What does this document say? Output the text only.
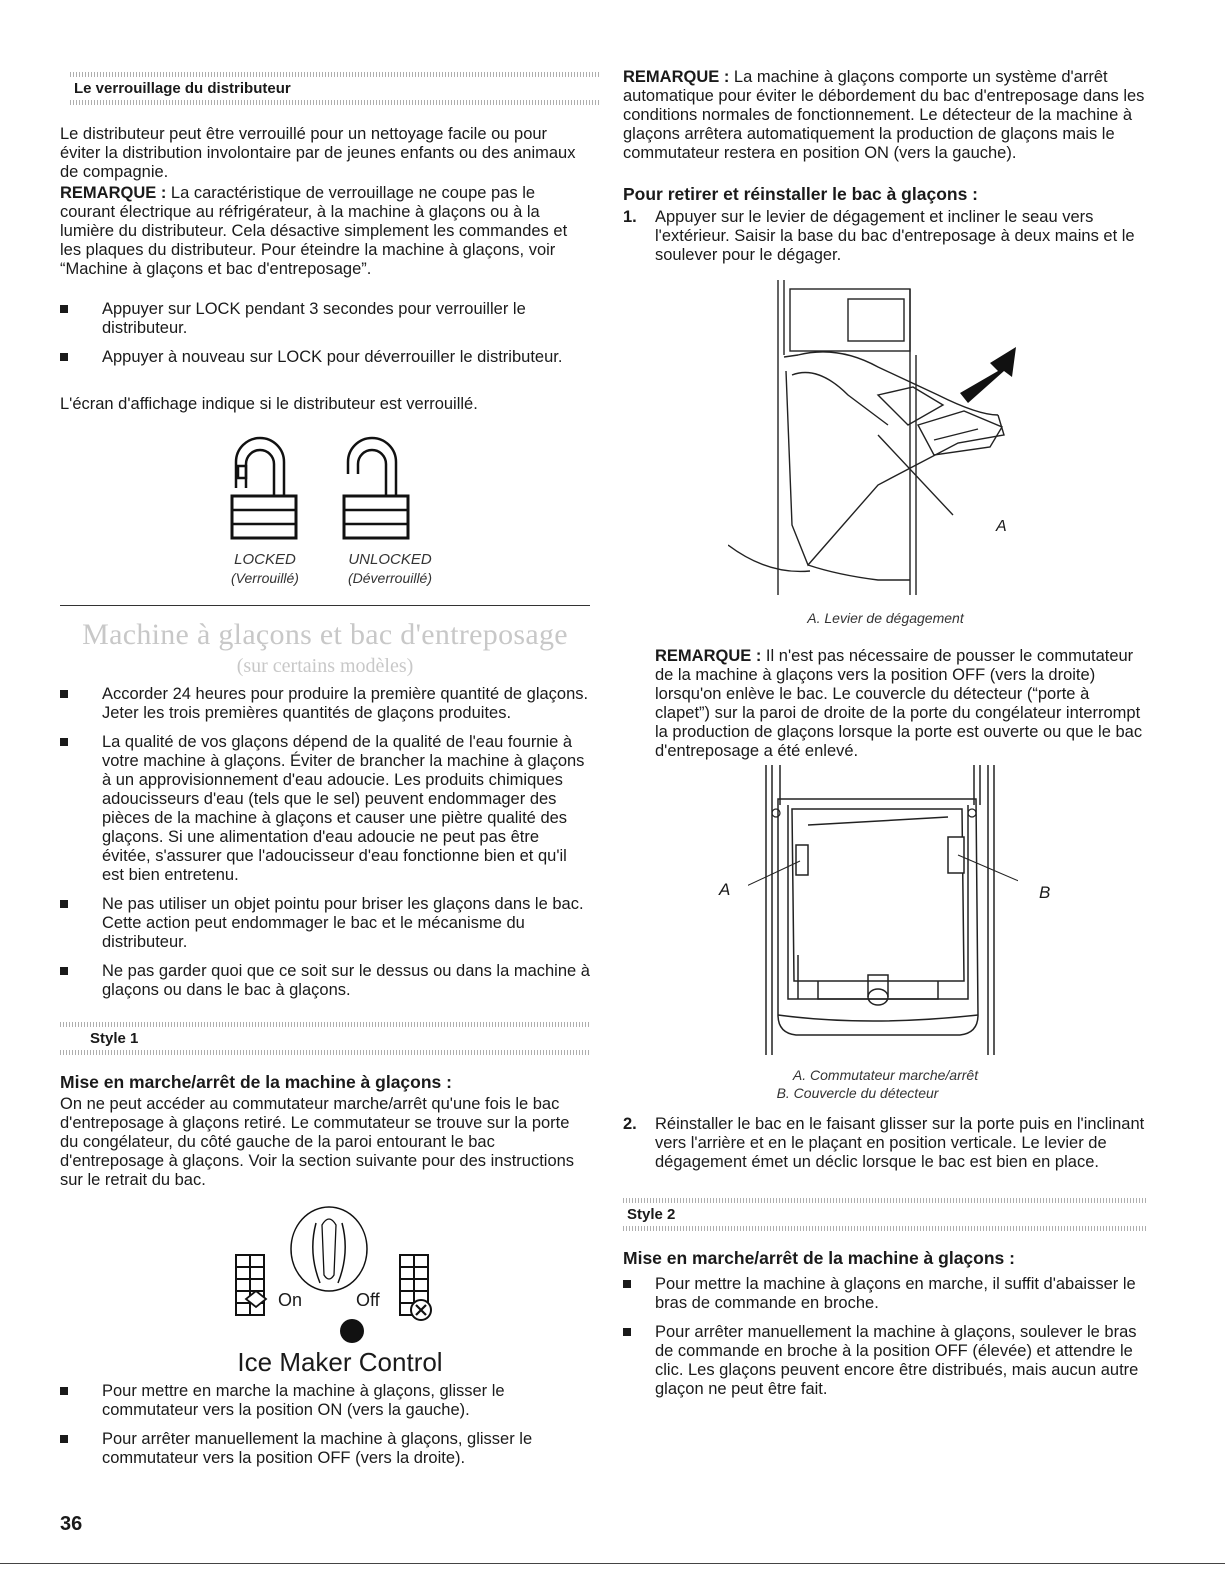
Le verrouillage du distributeur

Le distributeur peut être verrouillé pour un nettoyage facile ou pour éviter la distribution involontaire par de jeunes enfants ou des animaux de compagnie.

REMARQUE : La caractéristique de verrouillage ne coupe pas le courant électrique au réfrigérateur, à la machine à glaçons ou à la lumière du distributeur. Cela désactive simplement les commandes et les plaques du distributeur. Pour éteindre la machine à glaçons, voir “Machine à glaçons et bac d'entreposage”.

Appuyer sur LOCK pendant 3 secondes pour verrouiller le distributeur.
Appuyer à nouveau sur LOCK pour déverrouiller le distributeur.

L'écran d'affichage indique si le distributeur est verrouillé.

LOCKED
(Verrouillé)
UNLOCKED
(Déverrouillé)
Machine à glaçons et bac d'entreposage
(sur certains modèles)
Accorder 24 heures pour produire la première quantité de glaçons. Jeter les trois premières quantités de glaçons produites.
La qualité de vos glaçons dépend de la qualité de l'eau fournie à votre machine à glaçons. Éviter de brancher la machine à glaçons à un approvisionnement d'eau adoucie. Les produits chimiques adoucisseurs d'eau (tels que le sel) peuvent endommager des pièces de la machine à glaçons et causer une piètre qualité des glaçons. Si une alimentation d'eau adoucie ne peut pas être évitée, s'assurer que l'adoucisseur d'eau fonctionne bien et qu'il est bien entretenu.
Ne pas utiliser un objet pointu pour briser les glaçons dans le bac. Cette action peut endommager le bac et le mécanisme du distributeur.
Ne pas garder quoi que ce soit sur le dessus ou dans la machine à glaçons ou dans le bac à glaçons.
Style 1

Mise en marche/arrêt de la machine à glaçons :

On ne peut accéder au commutateur marche/arrêt qu'une fois le bac d'entreposage à glaçons retiré. Le commutateur se trouve sur la porte du congélateur, du côté gauche de la paroi entourant le bac d'entreposage à glaçons. Voir la section suivante pour des instructions sur le retrait du bac.

On	Off
Ice Maker Control
Pour mettre en marche la machine à glaçons, glisser le commutateur vers la position ON (vers la gauche).
Pour arrêter manuellement la machine à glaçons, glisser le commutateur vers la position OFF (vers la droite).

REMARQUE : La machine à glaçons comporte un système d'arrêt automatique pour éviter le débordement du bac d'entreposage dans les conditions normales de fonctionnement. Le détecteur de la machine à glaçons arrêtera automatiquement la production de glaçons mais le commutateur restera en position ON (vers la gauche).

Pour retirer et réinstaller le bac à glaçons :

1. Appuyer sur le levier de dégagement et incliner le seau vers l'extérieur. Saisir la base du bac d'entreposage à deux mains et le soulever pour le dégager.
A
A. Levier de dégagement

REMARQUE : Il n'est pas nécessaire de pousser le commutateur de la machine à glaçons vers la position OFF (vers la droite) lorsqu'on enlève le bac. Le couvercle du détecteur (“porte à clapet”) sur la paroi de droite de la porte du congélateur interrompt la production de glaçons lorsque la porte est ouverte ou que le bac d'entreposage a été enlevé.

A	B
A. Commutateur marche/arrêt
B. Couvercle du détecteur
2. Réinstaller le bac en le faisant glisser sur la porte puis en l'inclinant vers l'arrière et en le plaçant en position verticale. Le levier de dégagement émet un déclic lorsque le bac est bien en place.
Style 2

Mise en marche/arrêt de la machine à glaçons :

Pour mettre la machine à glaçons en marche, il suffit d'abaisser le bras de commande en broche.
Pour arrêter manuellement la machine à glaçons, soulever le bras de commande en broche à la position OFF (élevée) et attendre le clic. Les glaçons peuvent encore être distribués, mais aucun autre glaçon ne peut être fait.
36
